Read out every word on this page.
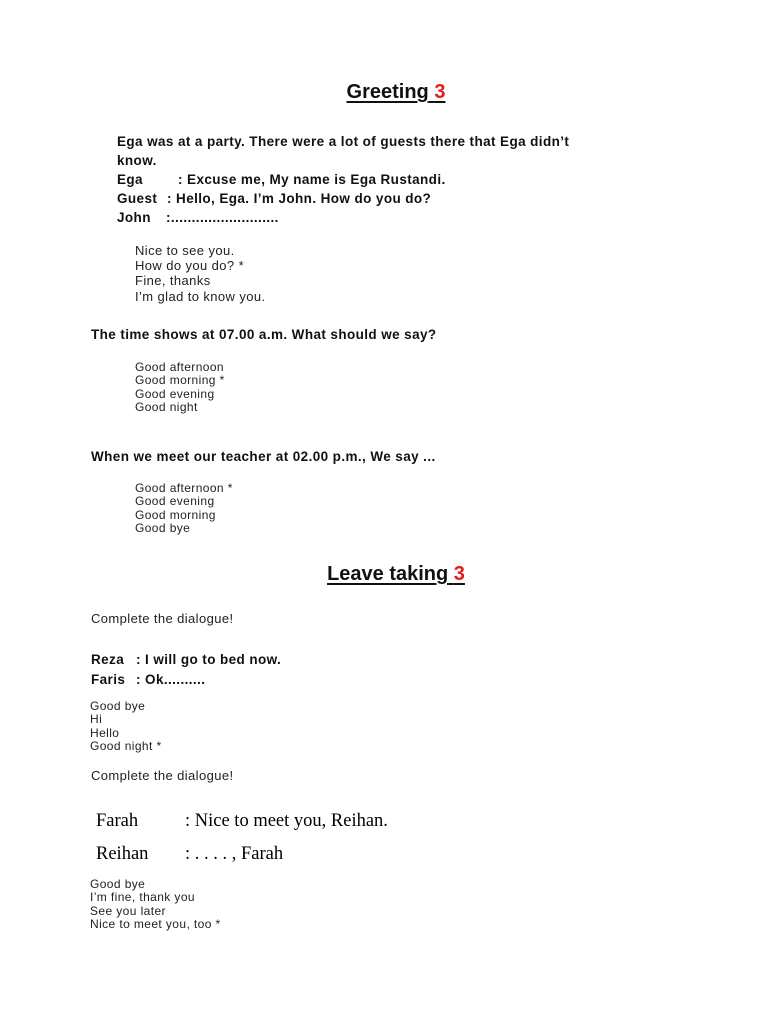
Greeting 3
Ega was at a party. There were a lot of guests there that Ega didn’t
know.
Ega	: Excuse me, My name is Ega Rustandi.
Guest : Hello, Ega. I’m John. How do you do?
John	:..........................
Nice to see you.
How do you do? *
Fine, thanks
I’m glad to know you.
The time shows at 07.00 a.m. What should we say?
Good afternoon
Good morning *
Good evening
Good night
When we meet our teacher at 02.00 p.m., We say ...
Good afternoon *
Good evening
Good morning
Good bye
Leave taking 3
Complete the dialogue!
Reza : I will go to bed now.
Faris : Ok..........
Good bye
Hi
Hello
Good night *
Complete the dialogue!
Farah	: Nice to meet you, Reihan.
Reihan	: . . . . , Farah
Good bye
I’m fine, thank you
See you later
Nice to meet you, too *
